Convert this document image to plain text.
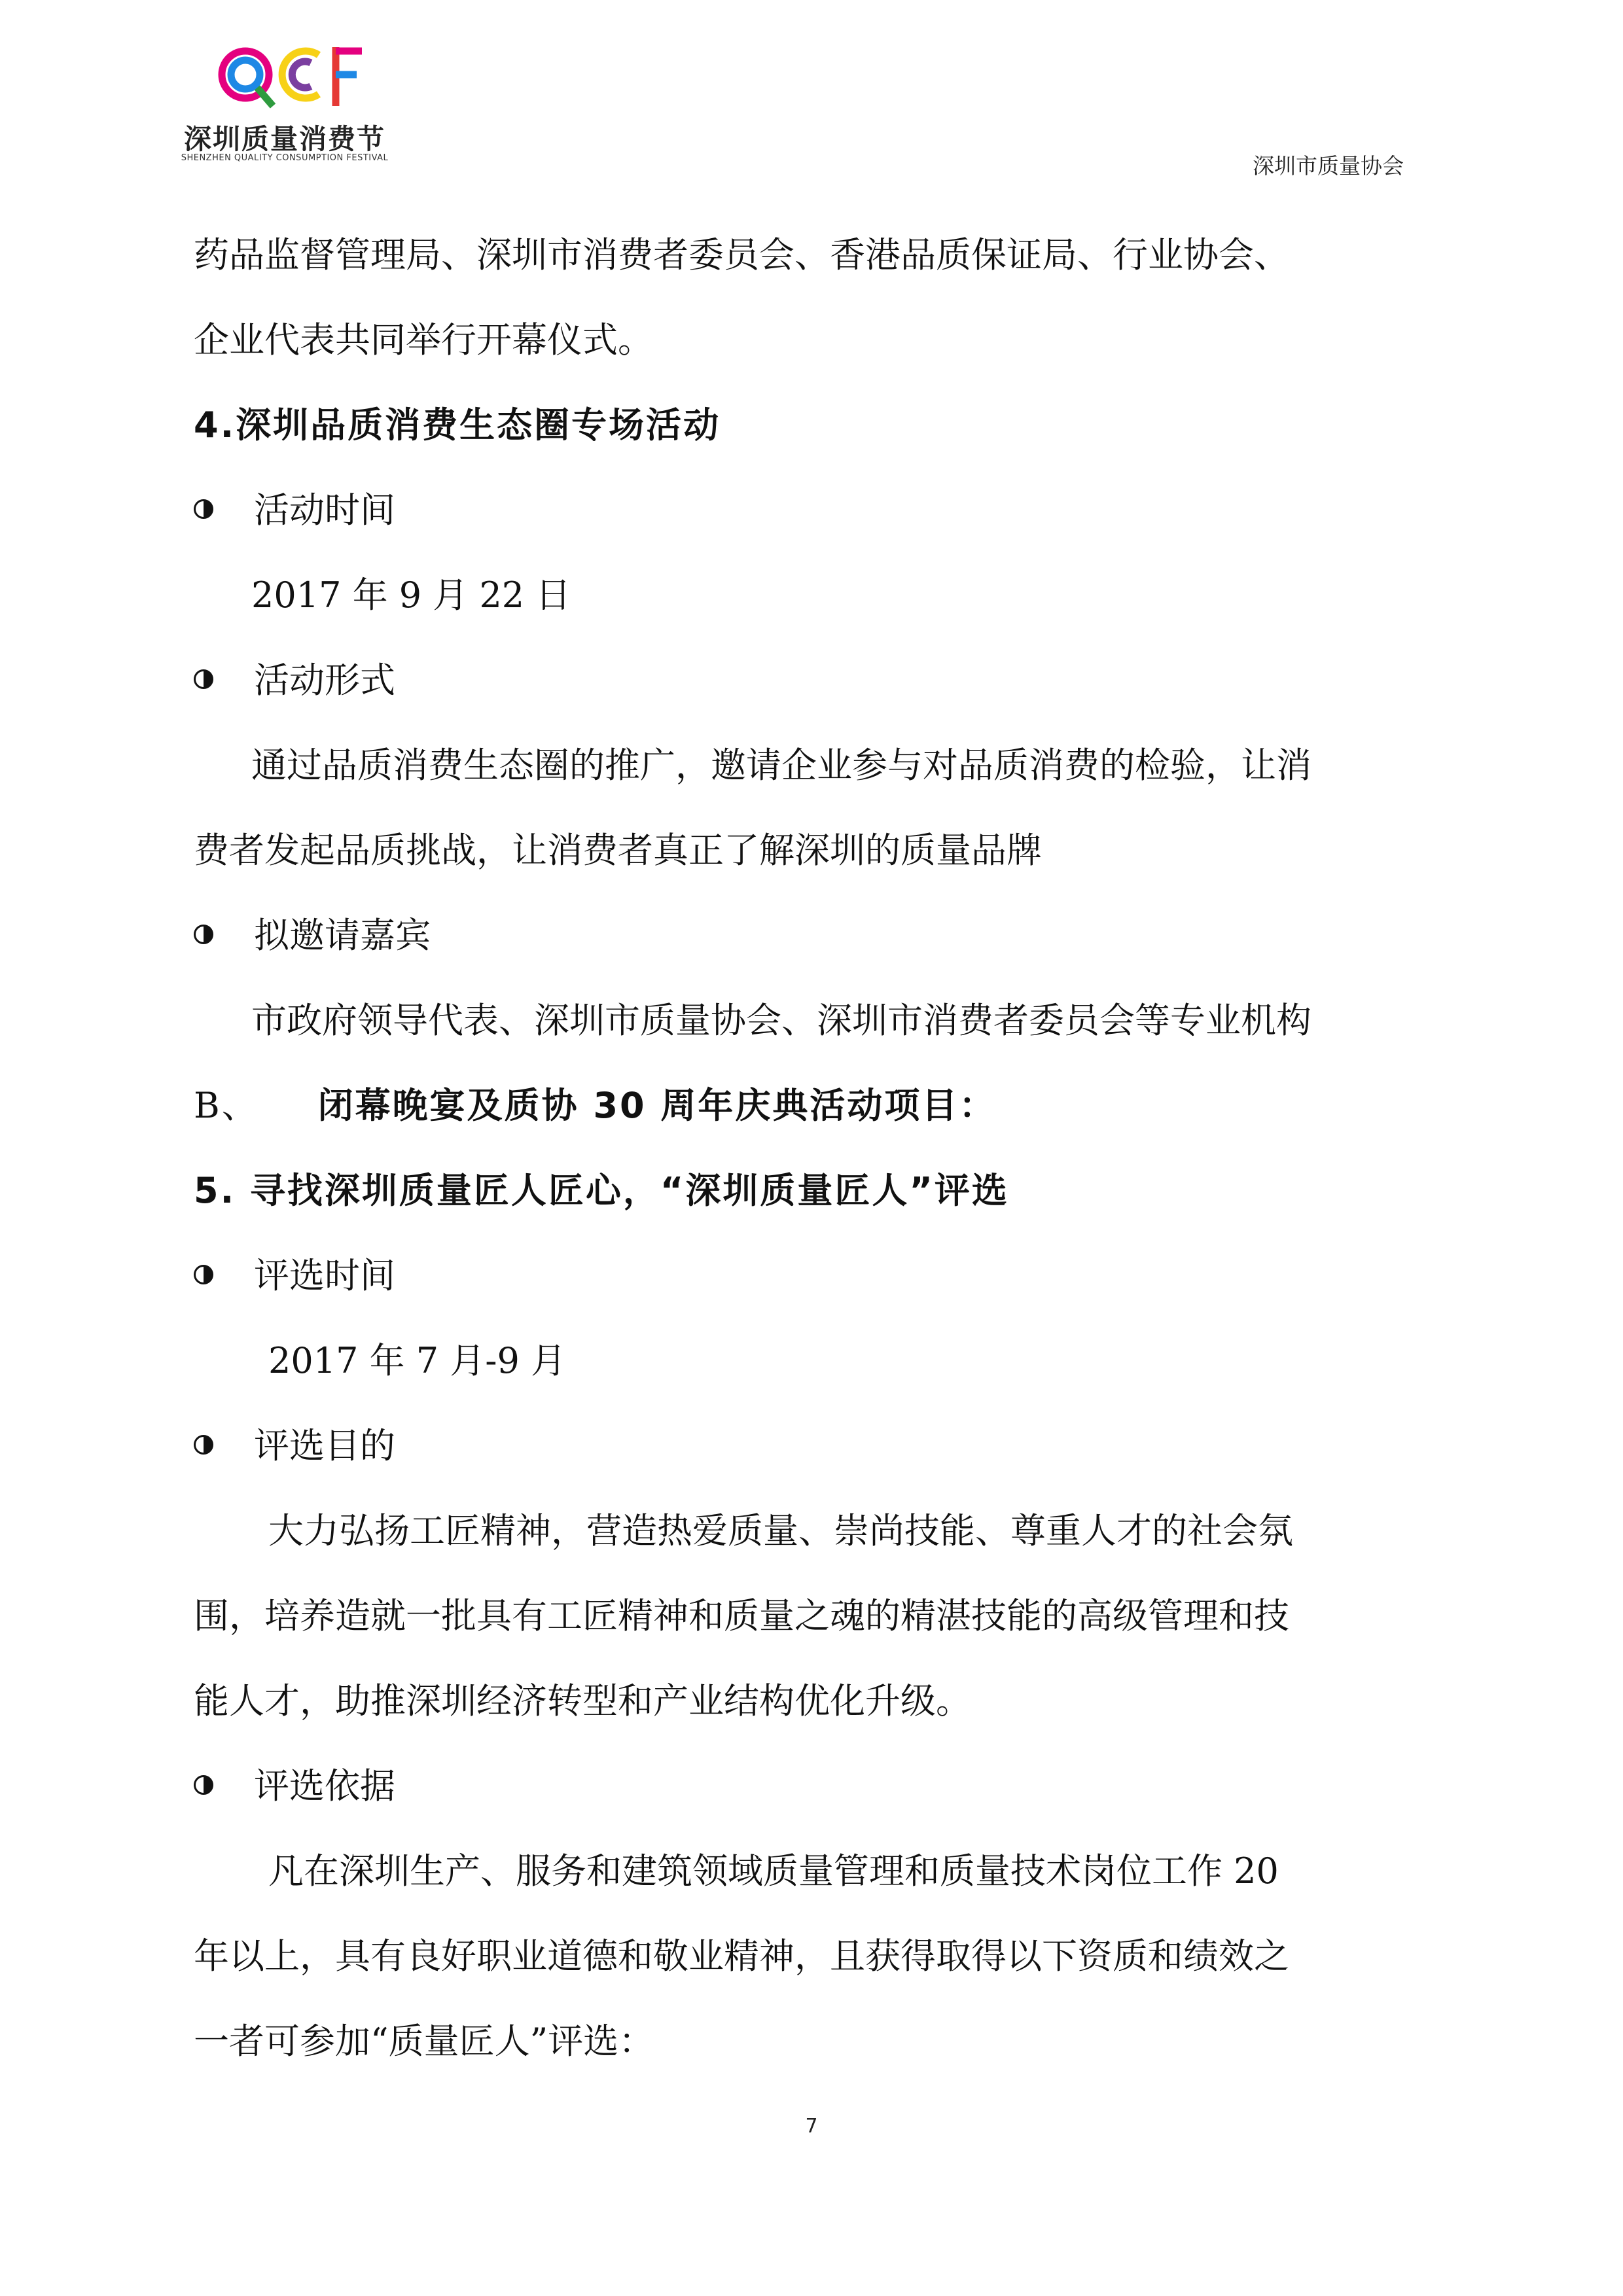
深圳质量消费节
SHENZHEN QUALITY CONSUMPTION FESTIVAL	深圳市质量协会
药品监督管理局、深圳市消费者委员会、香港品质保证局、行业协会、
企业代表共同举行开幕仪式。
4.深圳品质消费生态圈专场活动
活动时间
2017 年 9 月 22 日
活动形式
通过品质消费生态圈的推广，邀请企业参与对品质消费的检验，让消
费者发起品质挑战，让消费者真正了解深圳的质量品牌
拟邀请嘉宾
市政府领导代表、深圳市质量协会、深圳市消费者委员会等专业机构
B、 闭幕晚宴及质协 30 周年庆典活动项目：
5. 寻找深圳质量匠人匠心，“深圳质量匠人”评选
评选时间
2017 年 7 月-9 月
评选目的
大力弘扬工匠精神，营造热爱质量、崇尚技能、尊重人才的社会氛
围，培养造就一批具有工匠精神和质量之魂的精湛技能的高级管理和技
能人才，助推深圳经济转型和产业结构优化升级。
评选依据
凡在深圳生产、服务和建筑领域质量管理和质量技术岗位工作 20
年以上，具有良好职业道德和敬业精神，且获得取得以下资质和绩效之
一者可参加“质量匠人”评选：
7
